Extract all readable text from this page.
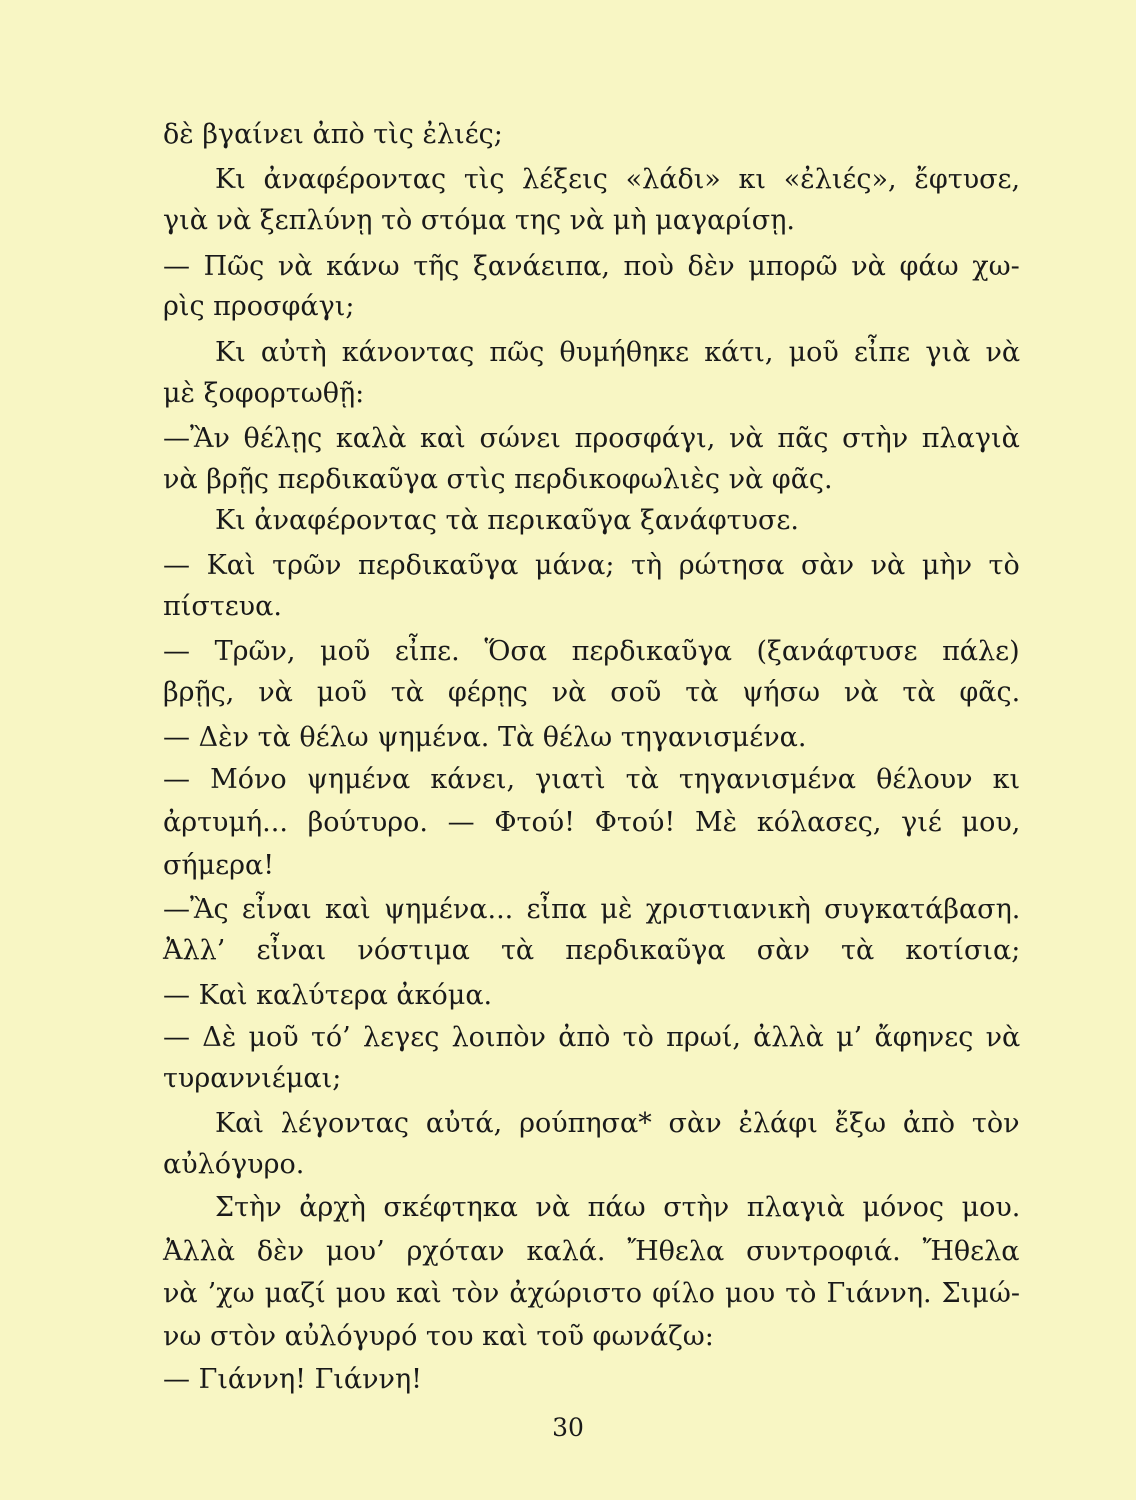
δὲ βγαίνει ἀπὸ τὶς ἐλιές;
Κι ἀναφέροντας τὶς λέξεις «λάδι» κι «ἐλιές», ἔφτυσε,
γιὰ νὰ ξεπλύνῃ τὸ στόμα της νὰ μὴ μαγαρίσῃ.
— Πῶς νὰ κάνω τῆς ξανάειπα, ποὺ δὲν μπορῶ νὰ φάω χω-
ρὶς προσφάγι;
Κι αὐτὴ κάνοντας πῶς θυμήθηκε κάτι, μοῦ εἶπε γιὰ νὰ
μὲ ξοφορτωθῇ:
—Ἂν θέλῃς καλὰ καὶ σώνει προσφάγι, νὰ πᾶς στὴν πλαγιὰ
νὰ βρῇς περδικαῦγα στὶς περδικοφωλιὲς νὰ φᾶς.
Κι ἀναφέροντας τὰ περικαῦγα ξανάφτυσε.
— Καὶ τρῶν περδικαῦγα μάνα; τὴ ρώτησα σὰν νὰ μὴν τὸ
πίστευα.
— Τρῶν, μοῦ εἶπε. Ὅσα περδικαῦγα (ξανάφτυσε πάλε)
βρῇς, νὰ μοῦ τὰ φέρῃς νὰ σοῦ τὰ ψήσω νὰ τὰ φᾶς.
— Δὲν τὰ θέλω ψημένα. Τὰ θέλω τηγανισμένα.
— Μόνο ψημένα κάνει, γιατὶ τὰ τηγανισμένα θέλουν κι
ἀρτυμή... βούτυρο. — Φτού! Φτού! Μὲ κόλασες, γιέ μου,
σήμερα!
—Ἂς εἶναι καὶ ψημένα... εἶπα μὲ χριστιανικὴ συγκατάβαση.
Ἀλλ’ εἶναι νόστιμα τὰ περδικαῦγα σὰν τὰ κοτίσια;
— Καὶ καλύτερα ἀκόμα.
— Δὲ μοῦ τό’ λεγες λοιπὸν ἀπὸ τὸ πρωί, ἀλλὰ μ’ ἄφηνες νὰ
τυραννιέμαι;
Καὶ λέγοντας αὐτά, ρούπησα* σὰν ἐλάφι ἔξω ἀπὸ τὸν
αὐλόγυρο.
Στὴν ἀρχὴ σκέφτηκα νὰ πάω στὴν πλαγιὰ μόνος μου.
Ἀλλὰ δὲν μου’ ρχόταν καλά. Ἤθελα συντροφιά. Ἤθελα
νὰ ’χω μαζί μου καὶ τὸν ἀχώριστο φίλο μου τὸ Γιάννη. Σιμώ-
νω στὸν αὐλόγυρό του καὶ τοῦ φωνάζω:
— Γιάννη! Γιάννη!
30
